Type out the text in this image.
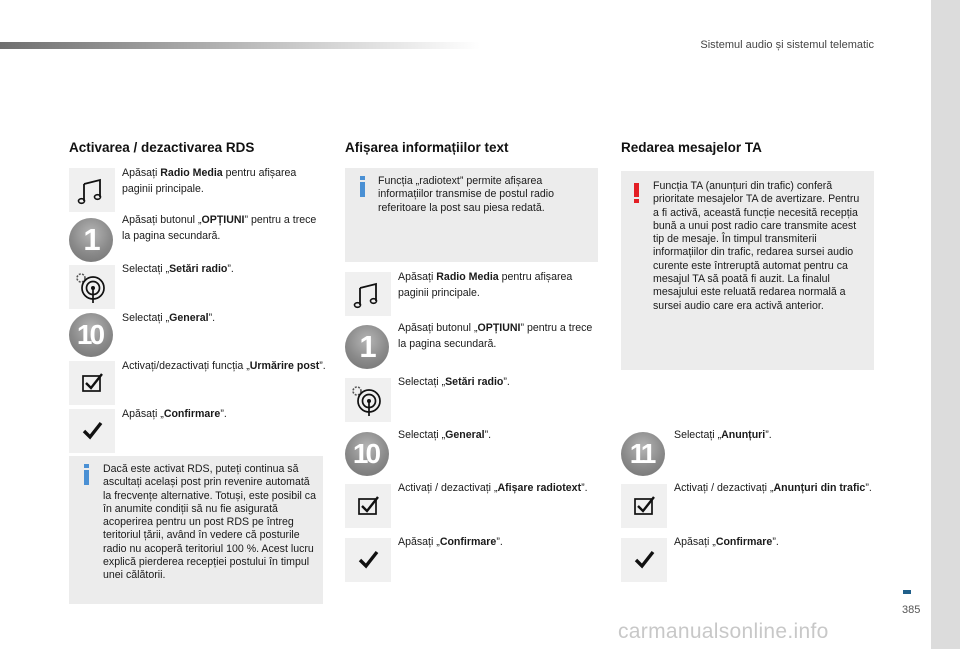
Sistemul audio și sistemul telematic
Activarea / dezactivarea RDS
Apăsați Radio Media pentru afișarea paginii principale.
1
Apăsați butonul „OPȚIUNI” pentru a trece la pagina secundară.
Selectați „Setări radio”.
10
Selectați „General”.
Activați/dezactivați funcția „Urmărire post”.
Apăsați „Confirmare”.
Dacă este activat RDS, puteți continua să ascultați același post prin revenire automată la frecvențe alternative. Totuși, este posibil ca în anumite condiții să nu fie asigurată acoperirea pentru un post RDS pe întreg teritoriul țării, având în vedere că posturile radio nu acoperă teritoriul 100 %. Acest lucru explică pierderea recepției postului în timpul unei călătorii.
Afișarea informațiilor text
Funcția „radiotext” permite afișarea informațiilor transmise de postul radio referitoare la post sau piesa redată.
Apăsați Radio Media pentru afișarea paginii principale.
1
Apăsați butonul „OPȚIUNI” pentru a trece la pagina secundară.
Selectați „Setări radio”.
10
Selectați „General”.
Activați / dezactivați „Afișare radiotext”.
Apăsați „Confirmare”.
Redarea mesajelor TA
Funcția TA (anunțuri din trafic) conferă prioritate mesajelor TA de avertizare. Pentru a fi activă, această funcție necesită recepția bună a unui post radio care transmite acest tip de mesaje. În timpul transmiterii informațiilor din trafic, redarea sursei audio curente este întreruptă automat pentru ca mesajul TA să poată fi auzit. La finalul mesajului este reluată redarea normală a sursei audio care era activă anterior.
11
Selectați „Anunțuri”.
Activați / dezactivați „Anunțuri din trafic”.
Apăsați „Confirmare”.
385
carmanualsonline.info
